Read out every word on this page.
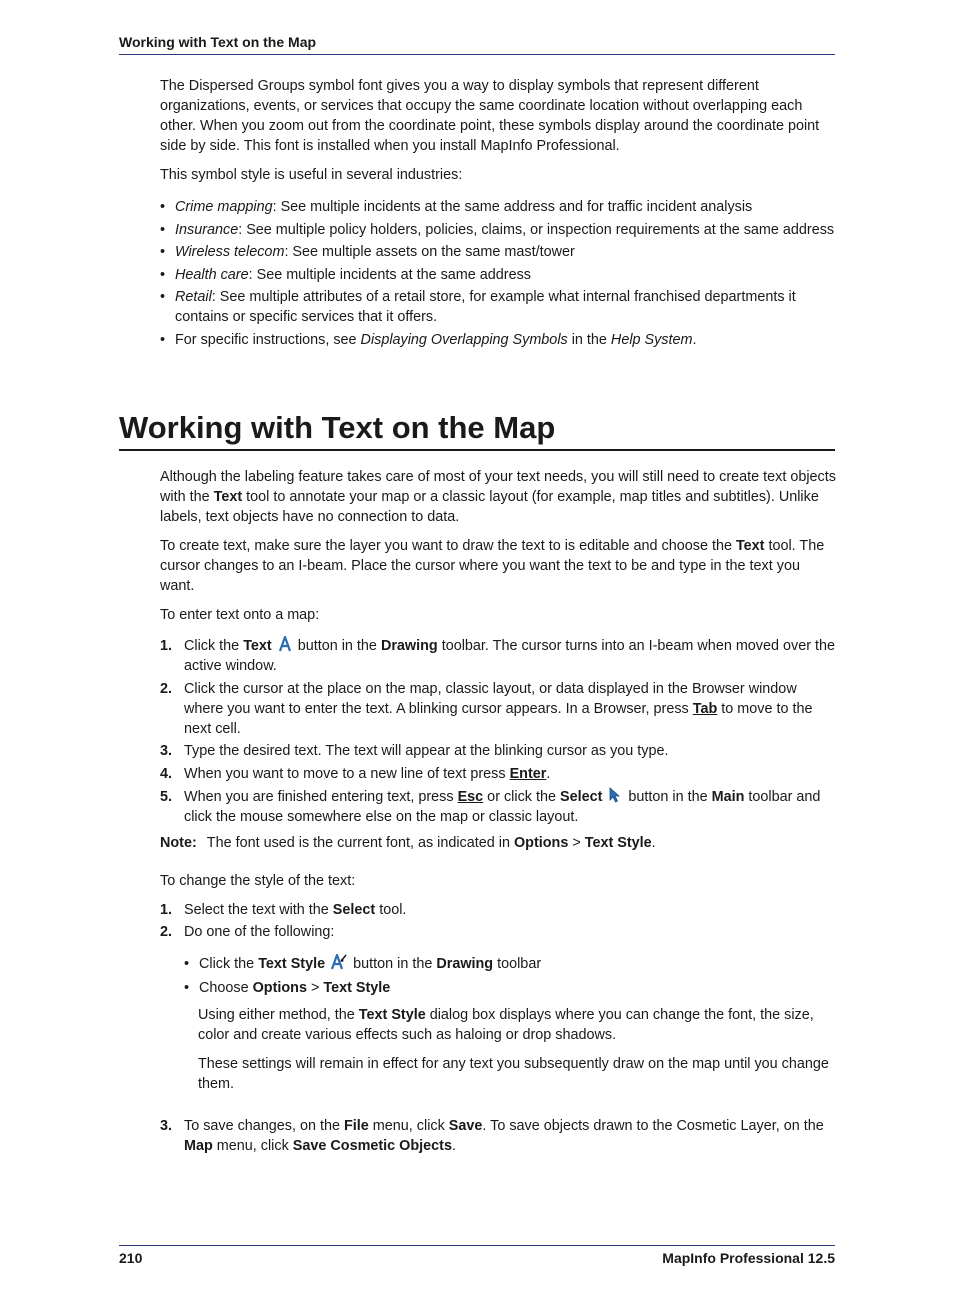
Working with Text on the Map

The Dispersed Groups symbol font gives you a way to display symbols that represent different organizations, events, or services that occupy the same coordinate location without overlapping each other. When you zoom out from the coordinate point, these symbols display around the coordinate point side by side. This font is installed when you install MapInfo Professional.

This symbol style is useful in several industries:

• Crime mapping: See multiple incidents at the same address and for traffic incident analysis
• Insurance: See multiple policy holders, policies, claims, or inspection requirements at the same address
• Wireless telecom: See multiple assets on the same mast/tower
• Health care: See multiple incidents at the same address
• Retail: See multiple attributes of a retail store, for example what internal franchised departments it contains or specific services that it offers.
• For specific instructions, see Displaying Overlapping Symbols in the Help System.
Working with Text on the Map

Although the labeling feature takes care of most of your text needs, you will still need to create text objects with the Text tool to annotate your map or a classic layout (for example, map titles and subtitles). Unlike labels, text objects have no connection to data.

To create text, make sure the layer you want to draw the text to is editable and choose the Text tool. The cursor changes to an I-beam. Place the cursor where you want the text to be and type in the text you want.

To enter text onto a map:

1. Click the Text  button in the Drawing toolbar. The cursor turns into an I-beam when moved over the active window.
2. Click the cursor at the place on the map, classic layout, or data displayed in the Browser window where you want to enter the text. A blinking cursor appears. In a Browser, press Tab to move to the next cell.
3. Type the desired text. The text will appear at the blinking cursor as you type.
4. When you want to move to a new line of text press Enter.
5. When you are finished entering text, press Esc or click the Select  button in the Main toolbar and click the mouse somewhere else on the map or classic layout.

Note: The font used is the current font, as indicated in Options > Text Style.

To change the style of the text:

1. Select the text with the Select tool.
2. Do one of the following:
• Click the Text Style  button in the Drawing toolbar
• Choose Options > Text Style

Using either method, the Text Style dialog box displays where you can change the font, the size, color and create various effects such as haloing or drop shadows.

These settings will remain in effect for any text you subsequently draw on the map until you change them.

3. To save changes, on the File menu, click Save. To save objects drawn to the Cosmetic Layer, on the Map menu, click Save Cosmetic Objects.
210	MapInfo Professional 12.5
